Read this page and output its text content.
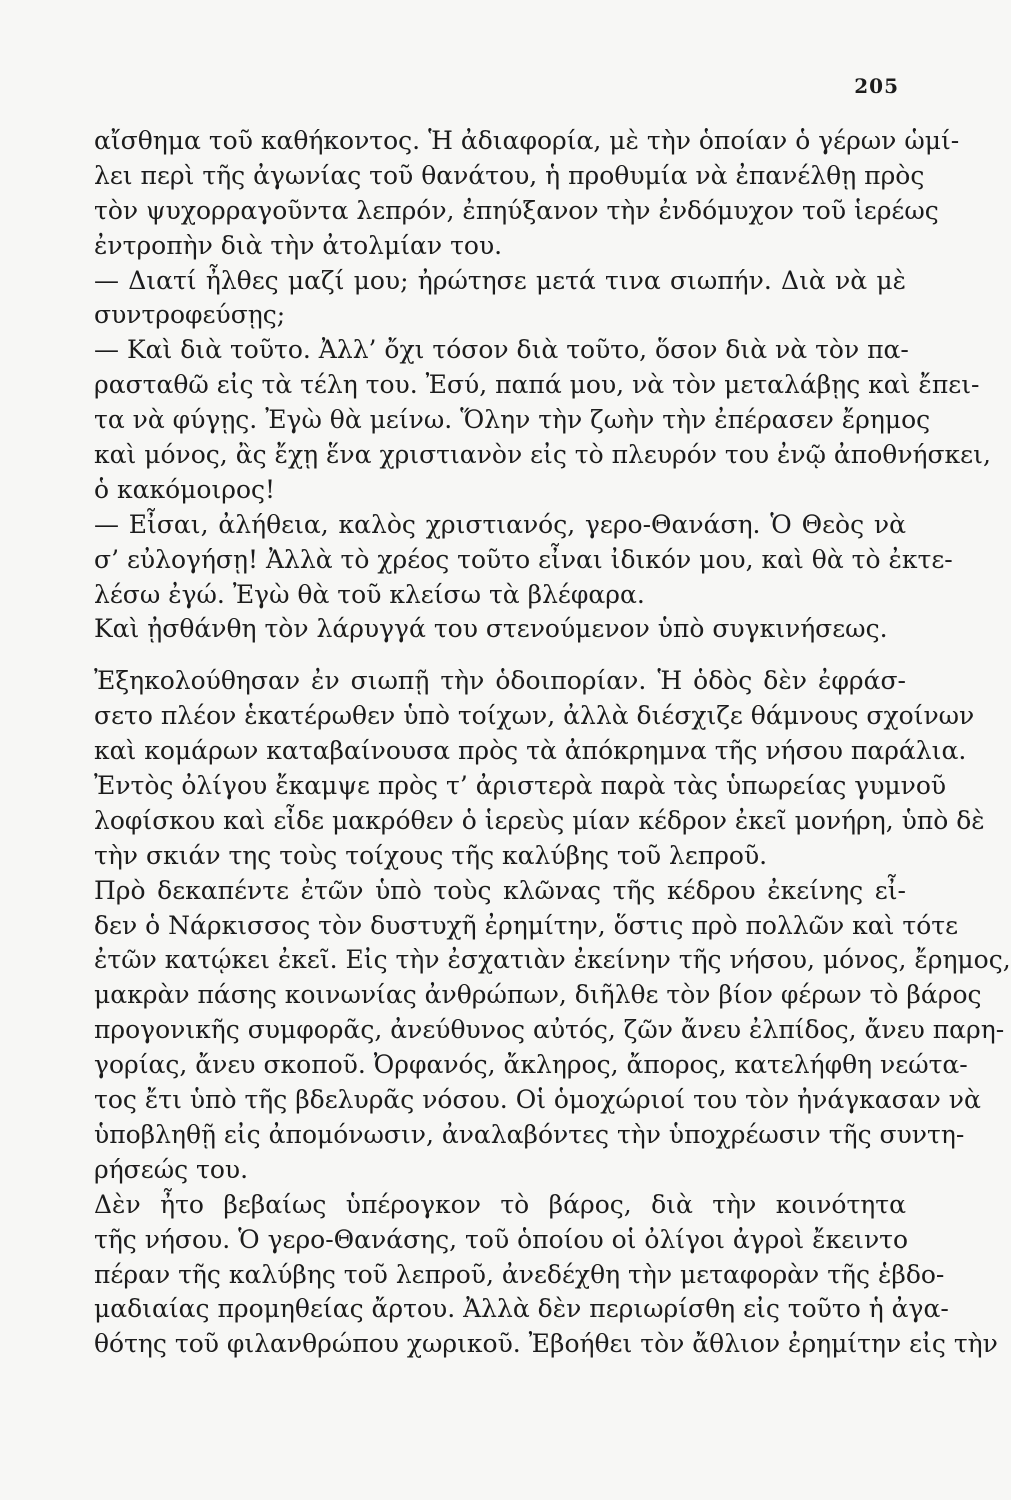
205
αἴσθημα τοῦ καθήκοντος. Ἡ ἀδιαφορία, μὲ τὴν ὁποίαν ὁ γέρων ὡμί-
λει περὶ τῆς ἀγωνίας τοῦ θανάτου, ἡ προθυμία νὰ ἐπανέλθῃ πρὸς
τὸν ψυχορραγοῦντα λεπρόν, ἐπηύξανον τὴν ἐνδόμυχον τοῦ ἱερέως
ἐντροπὴν διὰ τὴν ἀτολμίαν του.
— Διατί ἦλθες μαζί μου; ἠρώτησε μετά τινα σιωπήν. Διὰ νὰ μὲ
συντροφεύσῃς;
— Καὶ διὰ τοῦτο. Ἀλλ’ ὄχι τόσον διὰ τοῦτο, ὅσον διὰ νὰ τὸν πα-
ρασταθῶ εἰς τὰ τέλη του. Ἐσύ, παπά μου, νὰ τὸν μεταλάβῃς καὶ ἔπει-
τα νὰ φύγῃς. Ἐγὼ θὰ μείνω. Ὅλην τὴν ζωὴν τὴν ἐπέρασεν ἔρημος
καὶ μόνος, ἂς ἔχῃ ἕνα χριστιανὸν εἰς τὸ πλευρόν του ἐνῷ ἀποθνήσκει,
ὁ κακόμοιρος!
— Εἶσαι, ἀλήθεια, καλὸς χριστιανός, γερο-Θανάση. Ὁ Θεὸς νὰ
σ’ εὐλογήσῃ! Ἀλλὰ τὸ χρέος τοῦτο εἶναι ἰδικόν μου, καὶ θὰ τὸ ἐκτε-
λέσω ἐγώ. Ἐγὼ θὰ τοῦ κλείσω τὰ βλέφαρα.
Καὶ ᾐσθάνθη τὸν λάρυγγά του στενούμενον ὑπὸ συγκινήσεως.
Ἐξηκολούθησαν ἐν σιωπῇ τὴν ὁδοιπορίαν. Ἡ ὁδὸς δὲν ἐφράσ-
σετο πλέον ἑκατέρωθεν ὑπὸ τοίχων, ἀλλὰ διέσχιζε θάμνους σχοίνων
καὶ κομάρων καταβαίνουσα πρὸς τὰ ἀπόκρημνα τῆς νήσου παράλια.
Ἐντὸς ὀλίγου ἔκαμψε πρὸς τ’ ἀριστερὰ παρὰ τὰς ὑπωρείας γυμνοῦ
λοφίσκου καὶ εἶδε μακρόθεν ὁ ἱερεὺς μίαν κέδρον ἐκεῖ μονήρη, ὑπὸ δὲ
τὴν σκιάν της τοὺς τοίχους τῆς καλύβης τοῦ λεπροῦ.
Πρὸ δεκαπέντε ἐτῶν ὑπὸ τοὺς κλῶνας τῆς κέδρου ἐκείνης εἶ-
δεν ὁ Νάρκισσος τὸν δυστυχῆ ἐρημίτην, ὅστις πρὸ πολλῶν καὶ τότε
ἐτῶν κατῴκει ἐκεῖ. Εἰς τὴν ἐσχατιὰν ἐκείνην τῆς νήσου, μόνος, ἔρημος,
μακρὰν πάσης κοινωνίας ἀνθρώπων, διῆλθε τὸν βίον φέρων τὸ βάρος
προγονικῆς συμφορᾶς, ἀνεύθυνος αὐτός, ζῶν ἄνευ ἐλπίδος, ἄνευ παρη-
γορίας, ἄνευ σκοποῦ. Ὀρφανός, ἄκληρος, ἄπορος, κατελήφθη νεώτα-
τος ἔτι ὑπὸ τῆς βδελυρᾶς νόσου. Οἱ ὁμοχώριοί του τὸν ἠνάγκασαν νὰ
ὑποβληθῇ εἰς ἀπομόνωσιν, ἀναλαβόντες τὴν ὑποχρέωσιν τῆς συντη-
ρήσεώς του.
Δὲν ἦτο βεβαίως ὑπέρογκον τὸ βάρος, διὰ τὴν κοινότητα
τῆς νήσου. Ὁ γερο-Θανάσης, τοῦ ὁποίου οἱ ὀλίγοι ἀγροὶ ἔκειντο
πέραν τῆς καλύβης τοῦ λεπροῦ, ἀνεδέχθη τὴν μεταφορὰν τῆς ἑβδο-
μαδιαίας προμηθείας ἄρτου. Ἀλλὰ δὲν περιωρίσθη εἰς τοῦτο ἡ ἀγα-
θότης τοῦ φιλανθρώπου χωρικοῦ. Ἐβοήθει τὸν ἄθλιον ἐρημίτην εἰς τὴν
